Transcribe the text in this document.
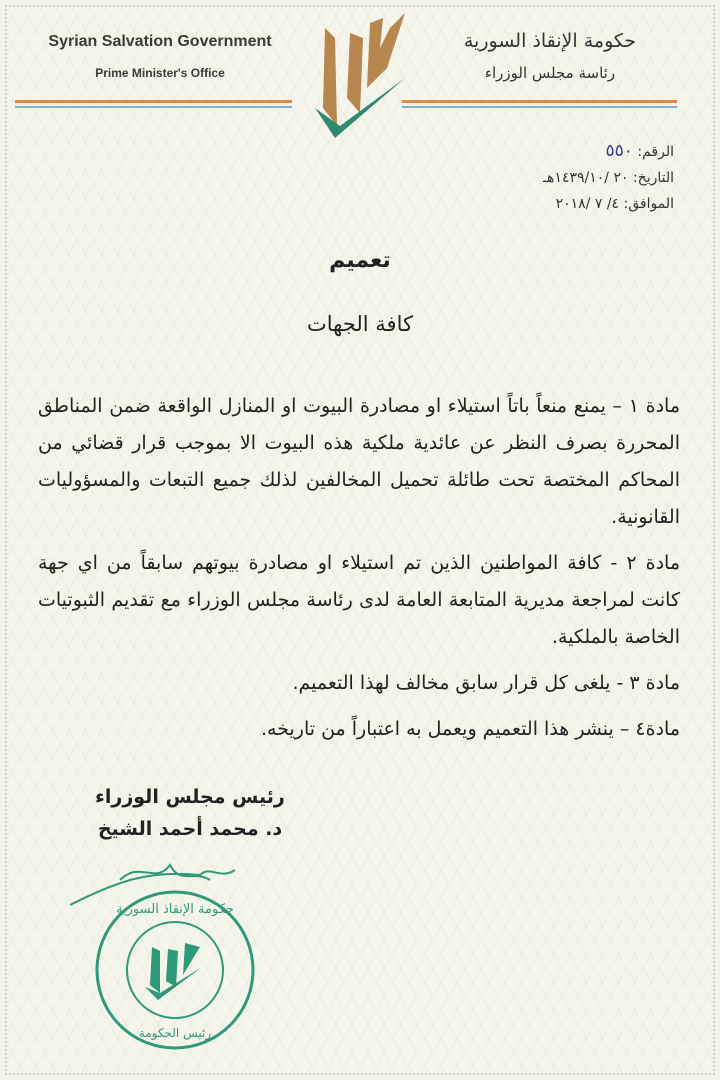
Syrian Salvation Government
Prime Minister's Office
حكومة الإنقاذ السورية
رئاسة مجلس الوزراء
الرقم: ٥٥٠
التاريخ: ٢٠ /١٤٣٩/١٠هـ
الموافق: ٤/ ٧ /٢٠١٨
تعميم
كافة الجهات

مادة ١ – يمنع منعاً باتاً استيلاء او مصادرة البيوت او المنازل الواقعة ضمن المناطق المحررة بصرف النظر عن عائدية ملكية هذه البيوت الا بموجب قرار قضائي من المحاكم المختصة تحت طائلة تحميل المخالفين لذلك جميع التبعات والمسؤوليات القانونية.

مادة ٢ - كافة المواطنين الذين تم استيلاء او مصادرة بيوتهم سابقاً من اي جهة كانت لمراجعة مديرية المتابعة العامة لدى رئاسة مجلس الوزراء مع تقديم الثبوتيات الخاصة بالملكية.

مادة ٣ - يلغى كل قرار سابق مخالف لهذا التعميم.

مادة٤ – ينشر هذا التعميم ويعمل به اعتباراً من تاريخه.

رئيس مجلس الوزراء
د. محمد أحمد الشيخ
حكومة الإنقاذ السورية
رئيس الحكومة
